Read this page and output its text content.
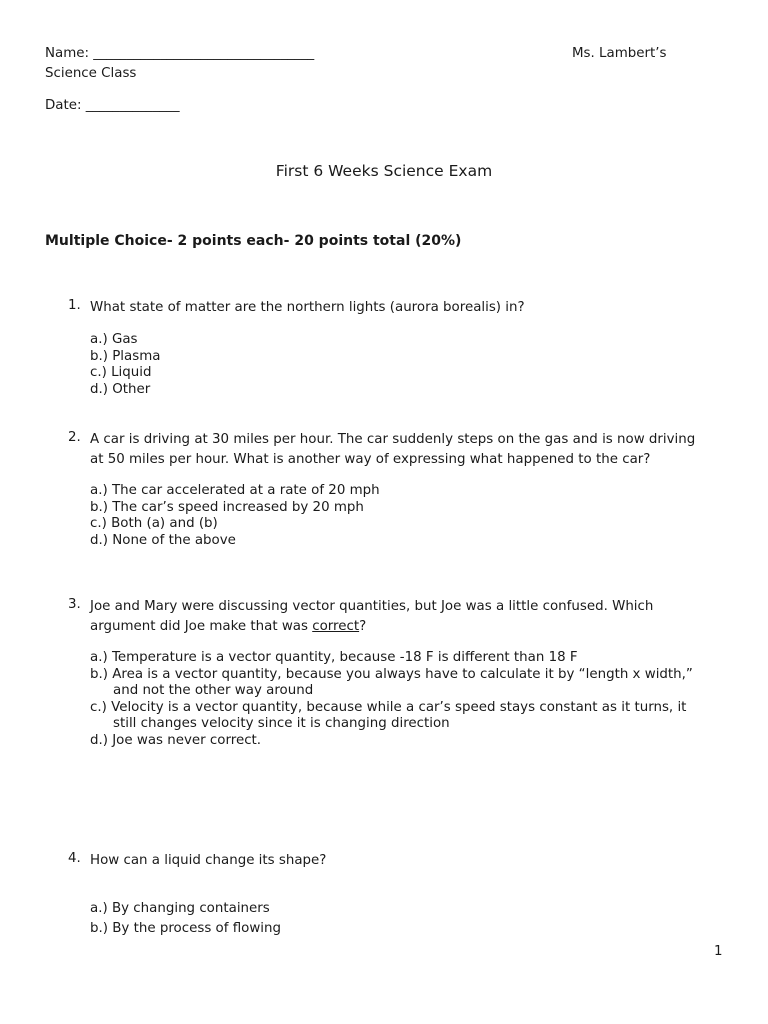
Name: _________________________________	Ms. Lambert’s
Science Class
Date: ______________
First 6 Weeks Science Exam
Multiple Choice- 2 points each- 20 points total (20%)
1. What state of matter are the northern lights (aurora borealis) in?
a.) Gas
b.) Plasma
c.) Liquid
d.) Other
2. A car is driving at 30 miles per hour. The car suddenly steps on the gas and is now driving
at 50 miles per hour. What is another way of expressing what happened to the car?
a.) The car accelerated at a rate of 20 mph
b.) The car’s speed increased by 20 mph
c.) Both (a) and (b)
d.) None of the above
3. Joe and Mary were discussing vector quantities, but Joe was a little confused. Which
argument did Joe make that was correct?
a.) Temperature is a vector quantity, because -18 F is different than 18 F
b.) Area is a vector quantity, because you always have to calculate it by “length x width,”
and not the other way around
c.) Velocity is a vector quantity, because while a car’s speed stays constant as it turns, it
still changes velocity since it is changing direction
d.) Joe was never correct.
4. How can a liquid change its shape?
a.) By changing containers
b.) By the process of flowing
1
